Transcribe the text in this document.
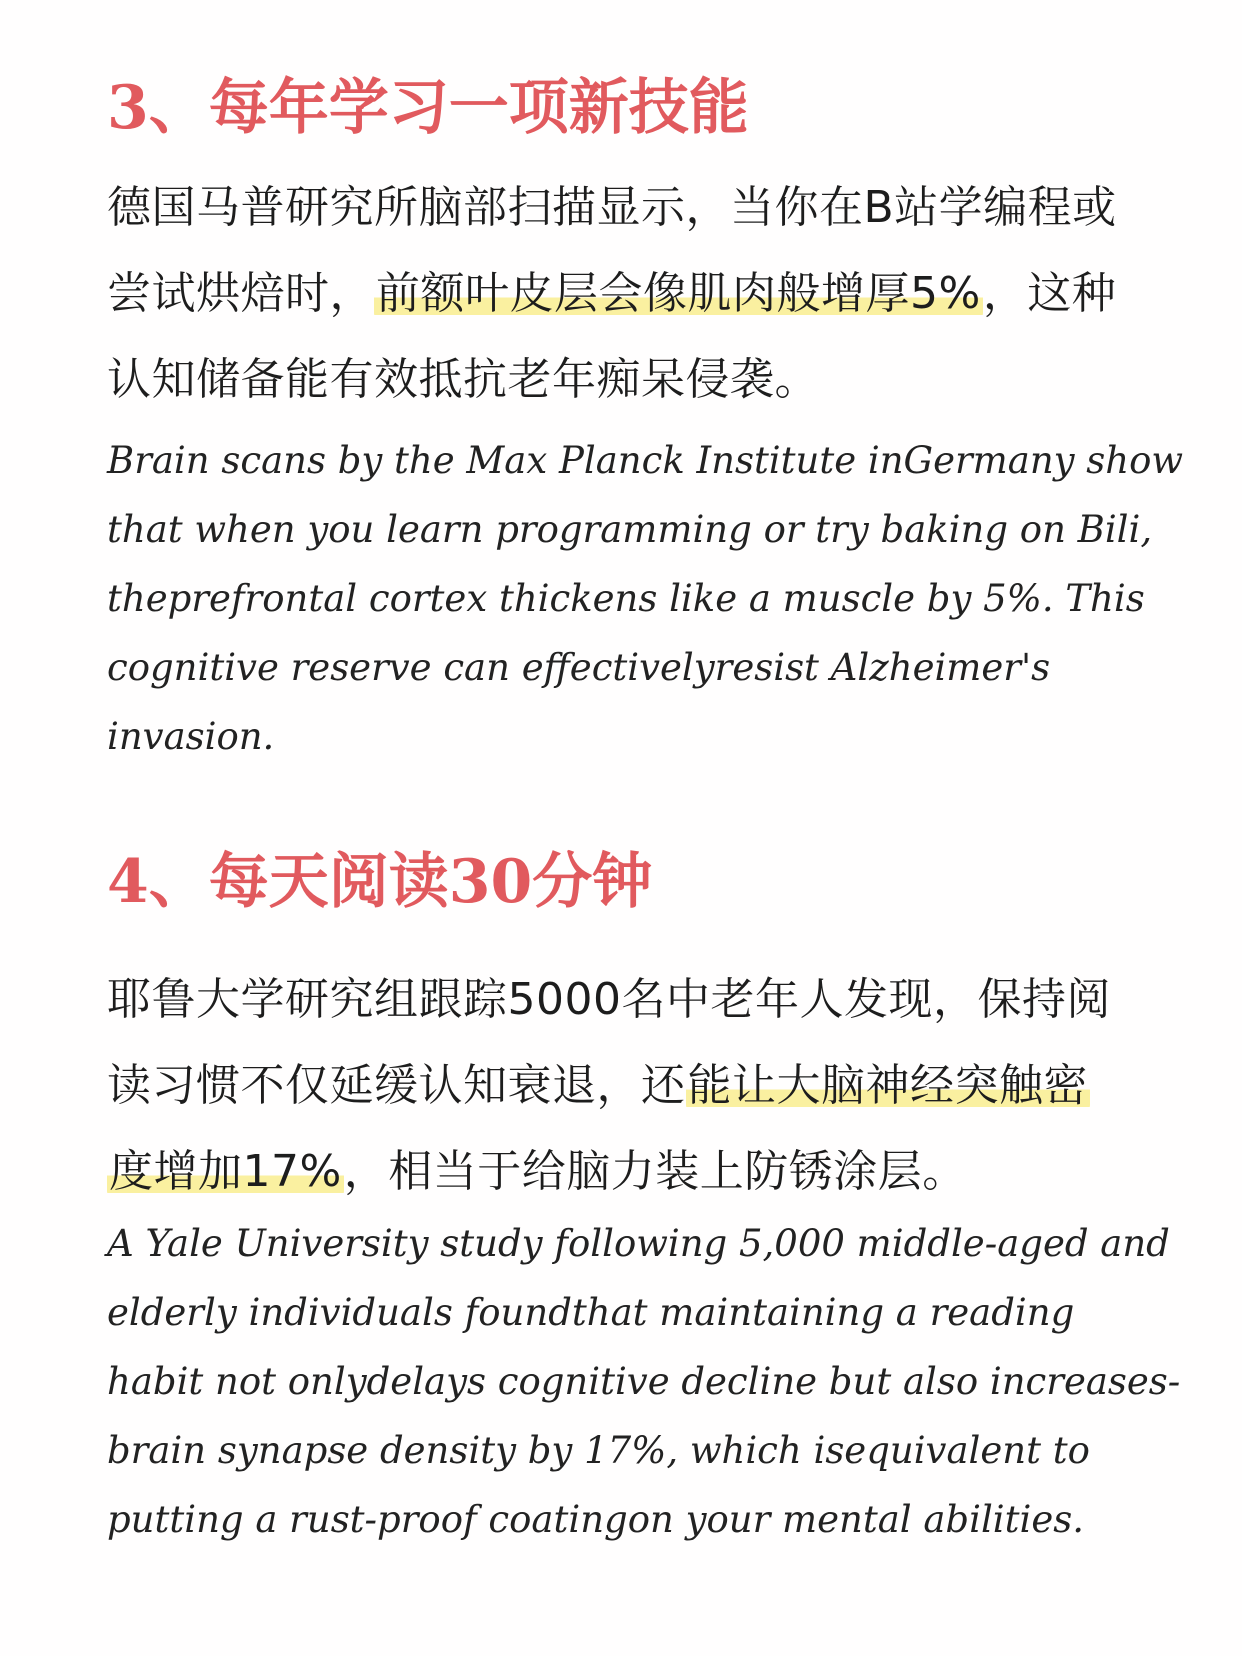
3、每年学习一项新技能

德国马普研究所脑部扫描显示，当你在B站学编程或
尝试烘焙时，前额叶皮层会像肌肉般增厚5%，这种
认知储备能有效抵抗老年痴呆侵袭。

Brain scans by the Max Planck Institute inGermany show
that when you learn programming or try baking on Bili,
theprefrontal cortex thickens like a muscle by 5%. This
cognitive reserve can effectivelyresist Alzheimer's
invasion.

4、每天阅读30分钟

耶鲁大学研究组跟踪5000名中老年人发现，保持阅
读习惯不仅延缓认知衰退，还能让大脑神经突触密
度增加17%，相当于给脑力装上防锈涂层。

A Yale University study following 5,000 middle-aged and
elderly individuals foundthat maintaining a reading
habit not onlydelays cognitive decline but also increases-
brain synapse density by 17%, which isequivalent to
putting a rust-proof coatingon your mental abilities.
